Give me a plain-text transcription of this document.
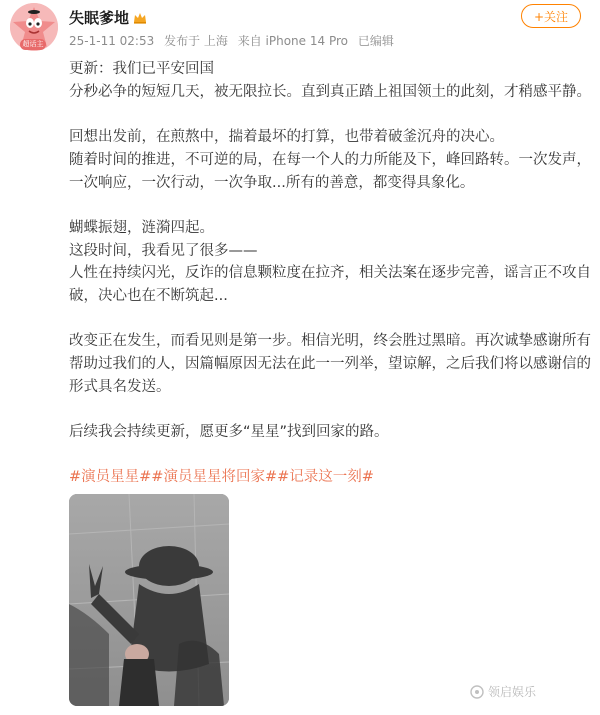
超话主
失眠爹地
25-1-11 02:53 发布于 上海 来自 iPhone 14 Pro 已编辑
+关注

更新：我们已平安回国

分秒必争的短短几天，被无限拉长。直到真正踏上祖国领土的此刻，才稍感平静。

回想出发前，在煎熬中，揣着最坏的打算，也带着破釜沉舟的决心。

随着时间的推进，不可逆的局，在每一个人的力所能及下，峰回路转。一次发声，

一次响应，一次行动，一次争取...所有的善意，都变得具象化。

蝴蝶振翅，涟漪四起。

这段时间，我看见了很多——

人性在持续闪光，反诈的信息颗粒度在拉齐，相关法案在逐步完善，谣言正不攻自

破，决心也在不断筑起...

改变正在发生，而看见则是第一步。相信光明，终会胜过黑暗。再次诚挚感谢所有

帮助过我们的人，因篇幅原因无法在此一一列举，望谅解，之后我们将以感谢信的

形式具名发送。

后续我会持续更新，愿更多“星星”找到回家的路。

#演员星星##演员星星将回家##记录这一刻#
领启娱乐
